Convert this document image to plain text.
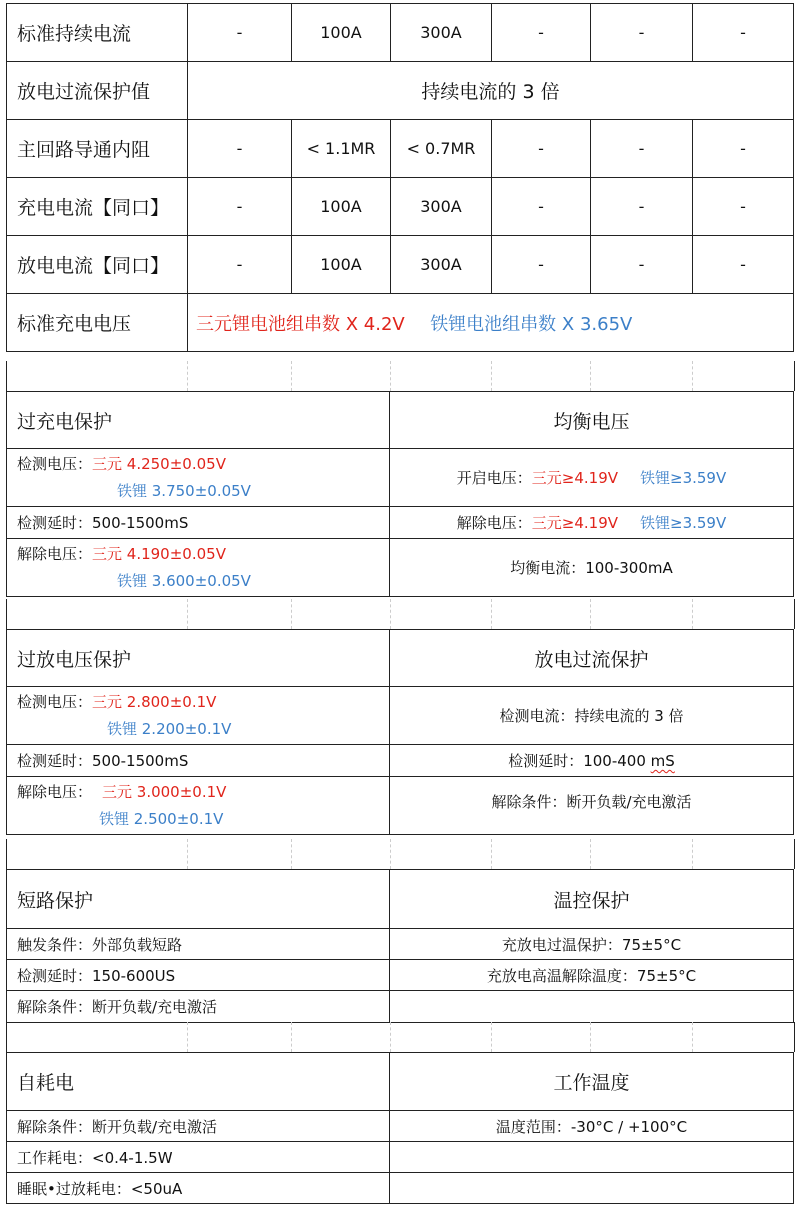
标准持续电流	-	100A	300A	-	-	-
放电过流保护值	持续电流的 3 倍					
主回路导通内阻	-	< 1.1MR	< 0.7MR	-	-	-
充电电流【同口】	-	100A	300A	-	-	-
放电电流【同口】	-	100A	300A	-	-	-
标准充电电压	三元锂电池组串数 X 4.2V 铁锂电池组串数 X 3.65V					
过充电保护	均衡电压

检测电压：三元 4.250±0.05V
铁锂 3.750±0.05V	开启电压：三元≥4.19V 铁锂≥3.59V
检测延时：500-1500mS	解除电压：三元≥4.19V 铁锂≥3.59V

解除电压：三元 4.190±0.05V
铁锂 3.600±0.05V	均衡电流：100-300mA
过放电压保护	放电过流保护

检测电压：三元 2.800±0.1V
铁锂 2.200±0.1V	检测电流：持续电流的 3 倍
检测延时：500-1500mS	检测延时：100-400 mS

解除电压： 三元 3.000±0.1V
铁锂 2.500±0.1V	解除条件：断开负载/充电激活
短路保护	温控保护
触发条件：外部负载短路	充放电过温保护：75±5°C
检测延时：150-600US	充放电高温解除温度：75±5°C
解除条件：断开负载/充电激活	
自耗电	工作温度
解除条件：断开负载/充电激活	温度范围：-30°C / +100°C
工作耗电：<0.4-1.5W	
睡眠•过放耗电：<50uA	
